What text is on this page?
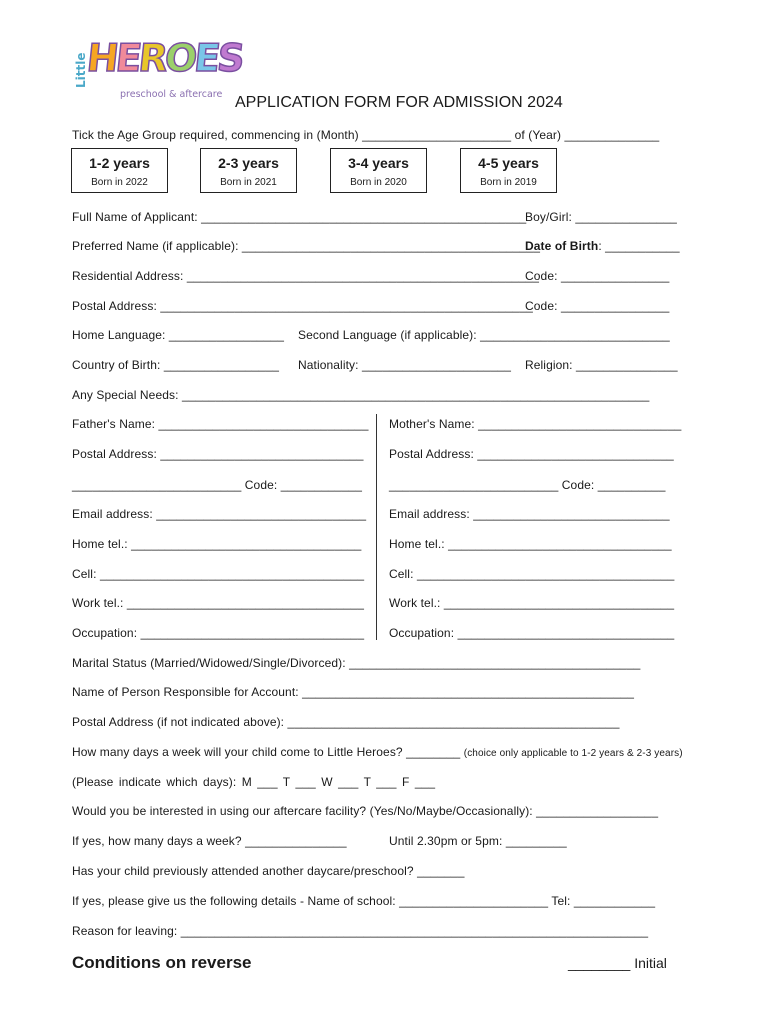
Little
HEROES
preschool & aftercare APPLICATION FORM FOR ADMISSION 2024
Tick the Age Group required, commencing in (Month) ______________________ of (Year) ______________
1-2 years
Born in 2022
2-3 years
Born in 2021
3-4 years
Born in 2020
4-5 years
Born in 2019
Full Name of Applicant: ________________________________________________
Boy/Girl: _______________
Preferred Name (if applicable): ____________________________________________
Date of Birth: ___________
Residential Address: ____________________________________________________
Code: ________________
Postal Address: _______________________________________________________
Code: ________________
Home Language: _________________ Second Language (if applicable): ____________________________
Country of Birth: _________________ Nationality: ______________________ Religion: _______________
Any Special Needs: _____________________________________________________________________
Father's Name: _______________________________ Mother's Name: ______________________________
Postal Address: ______________________________ Postal Address: _____________________________
_________________________ Code: ____________ _________________________ Code: __________
Email address: _______________________________ Email address: _____________________________
Home tel.: __________________________________ Home tel.: _________________________________
Cell: _______________________________________ Cell: ______________________________________
Work tel.: ___________________________________ Work tel.: __________________________________
Occupation: _________________________________ Occupation: ________________________________
Marital Status (Married/Widowed/Single/Divorced): ___________________________________________
Name of Person Responsible for Account: _________________________________________________
Postal Address (if not indicated above): _________________________________________________
How many days a week will your child come to Little Heroes? ________ (choice only applicable to 1-2 years & 2-3 years)
(Please indicate which days): M ___ T ___ W ___ T ___ F ___
Would you be interested in using our aftercare facility? (Yes/No/Maybe/Occasionally): __________________
If yes, how many days a week? _______________	Until 2.30pm or 5pm: _________
Has your child previously attended another daycare/preschool? _______
If yes, please give us the following details - Name of school: ______________________ Tel: ____________
Reason for leaving: _____________________________________________________________________
Conditions on reverse	________ Initial
